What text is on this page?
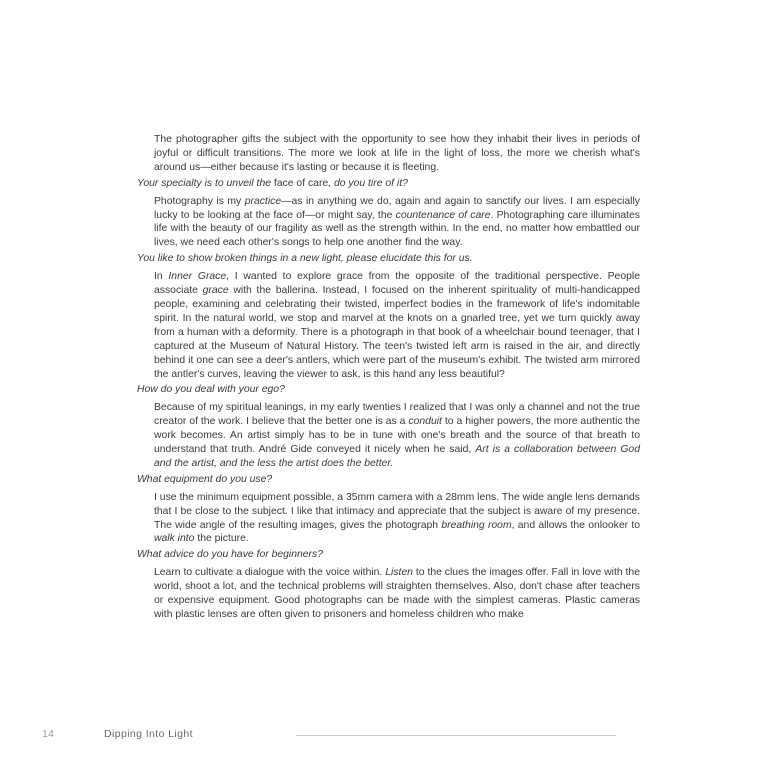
The photographer gifts the subject with the opportunity to see how they inhabit their lives in periods of joyful or difficult transitions. The more we look at life in the light of loss, the more we cherish what's around us—either because it's lasting or because it is fleeting.

Your specialty is to unveil the face of care, do you tire of it?

Photography is my practice—as in anything we do, again and again to sanctify our lives. I am especially lucky to be looking at the face of—or might say, the countenance of care. Photographing care illuminates life with the beauty of our fragility as well as the strength within. In the end, no matter how embattled our lives, we need each other's songs to help one another find the way.

You like to show broken things in a new light, please elucidate this for us.

In Inner Grace, I wanted to explore grace from the opposite of the traditional perspective. People associate grace with the ballerina. Instead, I focused on the inherent spirituality of multi-handicapped people, examining and celebrating their twisted, imperfect bodies in the framework of life's indomitable spirit. In the natural world, we stop and marvel at the knots on a gnarled tree, yet we turn quickly away from a human with a deformity. There is a photograph in that book of a wheelchair bound teenager, that I captured at the Museum of Natural History. The teen's twisted left arm is raised in the air, and directly behind it one can see a deer's antlers, which were part of the museum's exhibit. The twisted arm mirrored the antler's curves, leaving the viewer to ask, is this hand any less beautiful?

How do you deal with your ego?

Because of my spiritual leanings, in my early twenties I realized that I was only a channel and not the true creator of the work. I believe that the better one is as a conduit to a higher powers, the more authentic the work becomes. An artist simply has to be in tune with one's breath and the source of that breath to understand that truth. André Gide conveyed it nicely when he said, Art is a collaboration between God and the artist, and the less the artist does the better.

What equipment do you use?

I use the minimum equipment possible, a 35mm camera with a 28mm lens. The wide angle lens demands that I be close to the subject. I like that intimacy and appreciate that the subject is aware of my presence. The wide angle of the resulting images, gives the photograph breathing room, and allows the onlooker to walk into the picture.

What advice do you have for beginners?

Learn to cultivate a dialogue with the voice within. Listen to the clues the images offer. Fall in love with the world, shoot a lot, and the technical problems will straighten themselves. Also, don't chase after teachers or expensive equipment. Good photographs can be made with the simplest cameras. Plastic cameras with plastic lenses are often given to prisoners and homeless children who make

14	Dipping Into Light
